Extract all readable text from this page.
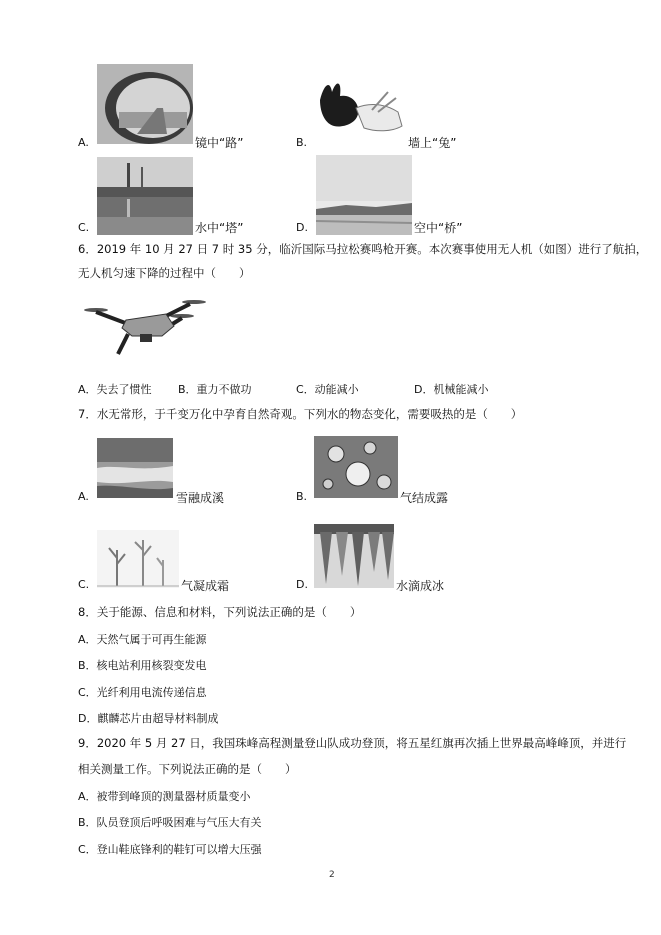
A.	镜中“路”	B.	墙上“兔”
C.	水中“塔”	D.	空中“桥”
6．2019 年 10 月 27 日 7 时 35 分，临沂国际马拉松赛鸣枪开赛。本次赛事使用无人机（如图）进行了航拍，
无人机匀速下降的过程中（　　）
A．失去了惯性 B．重力不做功	C．动能减小	D．机械能减小
7．水无常形，于千变万化中孕育自然奇观。下列水的物态变化，需要吸热的是（　　）
A.	雪融成溪	B.	气结成露
C.	气凝成霜	D.	水滴成冰
8．关于能源、信息和材料，下列说法正确的是（　　）
A．天然气属于可再生能源
B．核电站利用核裂变发电
C．光纤利用电流传递信息
D．麒麟芯片由超导材料制成
9．2020 年 5 月 27 日，我国珠峰高程测量登山队成功登顶，将五星红旗再次插上世界最高峰峰顶，并进行
相关测量工作。下列说法正确的是（　　）
A．被带到峰顶的测量器材质量变小
B．队员登顶后呼吸困难与气压大有关
C．登山鞋底锋利的鞋钉可以增大压强
2
